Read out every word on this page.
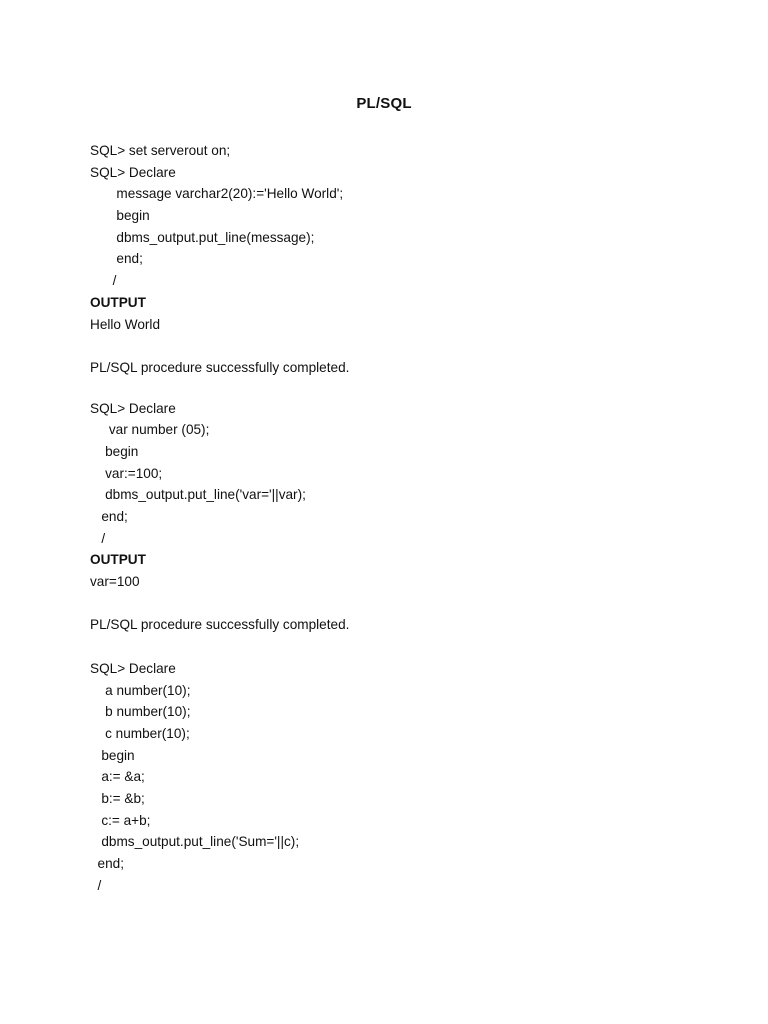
PL/SQL
SQL> set serverout on;
SQL> Declare
message varchar2(20):='Hello World';
begin
dbms_output.put_line(message);
end;
/
OUTPUT
Hello World
PL/SQL procedure successfully completed.
SQL> Declare
var number (05);
begin
var:=100;
dbms_output.put_line('var='||var);
end;
/
OUTPUT
var=100
PL/SQL procedure successfully completed.
SQL> Declare
a number(10);
b number(10);
c number(10);
begin
a:= &a;
b:= &b;
c:= a+b;
dbms_output.put_line('Sum='||c);
end;
/
